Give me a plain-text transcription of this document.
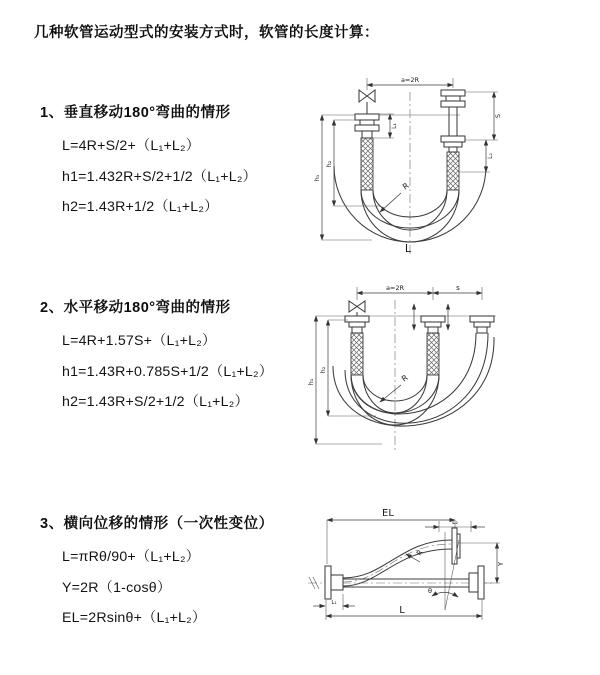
几种软管运动型式的安装方式时，软管的长度计算：
1、垂直移动180°弯曲的情形
L=4R+S/2+（L₁+L₂）
h1=1.432R+S/2+1/2（L₁+L₂）
h2=1.43R+1/2（L₁+L₂）
2、水平移动180°弯曲的情形
L=4R+1.57S+（L₁+L₂）
h1=1.43R+0.785S+1/2（L₁+L₂）
h2=1.43R+S/2+1/2（L₁+L₂）
3、横向位移的情形（一次性变位）
L=πRθ/90+（L₁+L₂）
Y=2R（1-cosθ）
EL=2Rsinθ+（L₁+L₂）
a=2R
h₁
h₂
L₁
S
L₂
R
L
a=2R	s
h₁
h₂
R
EL
L₂
θ
R
Y
L
L₁
